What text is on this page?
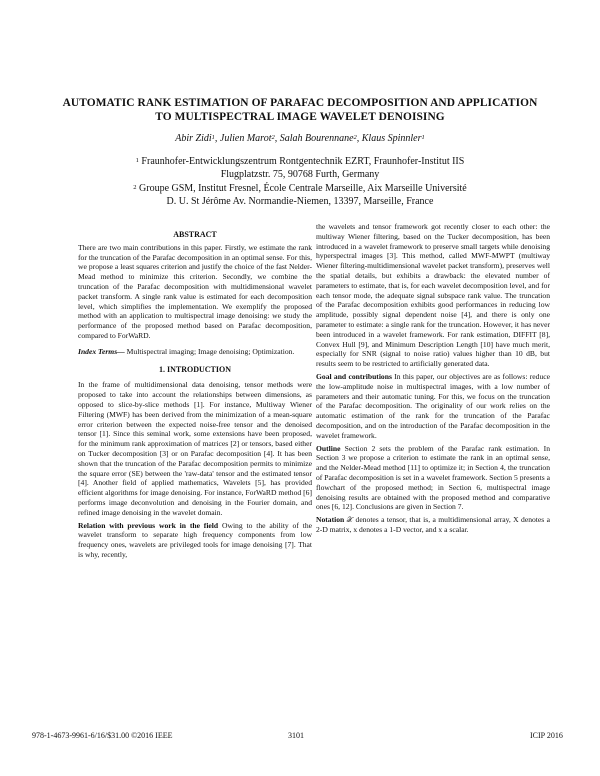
AUTOMATIC RANK ESTIMATION OF PARAFAC DECOMPOSITION AND APPLICATION
TO MULTISPECTRAL IMAGE WAVELET DENOISING
Abir Zidi$^1$, Julien Marot$^2$, Salah Bourennane$^2$, Klaus Spinnler$^1$
$^1$ Fraunhofer-Entwicklungszentrum Rontgentechnik EZRT, Fraunhofer-Institut IIS
Flugplatzstr. 75, 90768 Furth, Germany
$^2$ Groupe GSM, Institut Fresnel, École Centrale Marseille, Aix Marseille Université
D. U. St Jérôme Av. Normandie-Niemen, 13397, Marseille, France
ABSTRACT

There are two main contributions in this paper. Firstly, we estimate the rank for the truncation of the Parafac decomposition in an optimal sense. For this, we propose a least squares criterion and justify the choice of the fast Nelder-Mead method to minimize this criterion. Secondly, we combine the truncation of the Parafac decomposition with multidimensional wavelet packet transform. A single rank value is estimated for each decomposition level, which simplifies the implementation. We exemplify the proposed method with an application to multispectral image denoising: we study the performance of the proposed method based on Parafac decomposition, compared to ForWaRD.

Index Terms— Multispectral imaging; Image denoising; Optimization.

1. INTRODUCTION

In the frame of multidimensional data denoising, tensor methods were proposed to take into account the relationships between dimensions, as opposed to slice-by-slice methods [1]. For instance, Multiway Wiener Filtering (MWF) has been derived from the minimization of a mean-square error criterion between the expected noise-free tensor and the denoised tensor [1]. Since this seminal work, some extensions have been proposed, for the minimum rank approximation of matrices [2] or tensors, based either on Tucker decomposition [3] or on Parafac decomposition [4]. It has been shown that the truncation of the Parafac decomposition permits to minimize the square error (SE) between the 'raw-data' tensor and the estimated tensor [4]. Another field of applied mathematics, Wavelets [5], has provided efficient algorithms for image denoising. For instance, ForWaRD method [6] performs image deconvolution and denoising in the Fourier domain, and refined image denoising in the wavelet domain.

Relation with previous work in the field Owing to the ability of the wavelet transform to separate high frequency components from low frequency ones, wavelets are privileged tools for image denoising [7]. That is why, recently,

the wavelets and tensor framework got recently closer to each other: the multiway Wiener filtering, based on the Tucker decomposition, has been introduced in a wavelet framework to preserve small targets while denoising hyperspectral images [3]. This method, called MWF-MWPT (multiway Wiener filtering-multidimensional wavelet packet transform), preserves well the spatial details, but exhibits a drawback: the elevated number of parameters to estimate, that is, for each wavelet decomposition level, and for each tensor mode, the adequate signal subspace rank value. The truncation of the Parafac decomposition exhibits good performances in reducing low amplitude, possibly signal dependent noise [4], and there is only one parameter to estimate: a single rank for the truncation. However, it has never been introduced in a wavelet framework. For rank estimation, DIFFIT [8], Convex Hull [9], and Minimum Description Length [10] have much merit, especially for SNR (signal to noise ratio) values higher than 10 dB, but results seem to be restricted to artificially generated data.

Goal and contributions In this paper, our objectives are as follows: reduce the low-amplitude noise in multispectral images, with a low number of parameters and their automatic tuning. For this, we focus on the truncation of the Parafac decomposition. The originality of our work relies on the automatic estimation of the rank for the truncation of the Parafac decomposition, and on the introduction of the Parafac decomposition in the wavelet framework.

Outline Section 2 sets the problem of the Parafac rank estimation. In Section 3 we propose a criterion to estimate the rank in an optimal sense, and the Nelder-Mead method [11] to optimize it; in Section 4, the truncation of Parafac decomposition is set in a wavelet framework. Section 5 presents a flowchart of the proposed method; in Section 6, multispectral image denoising results are obtained with the proposed method and comparative ones [6, 12]. Conclusions are given in Section 7.

Notation 𝒳 denotes a tensor, that is, a multidimensional array, X denotes a 2-D matrix, x denotes a 1-D vector, and x a scalar.

978-1-4673-9961-6/16/$31.00 ©2016 IEEE	3101	ICIP 2016
